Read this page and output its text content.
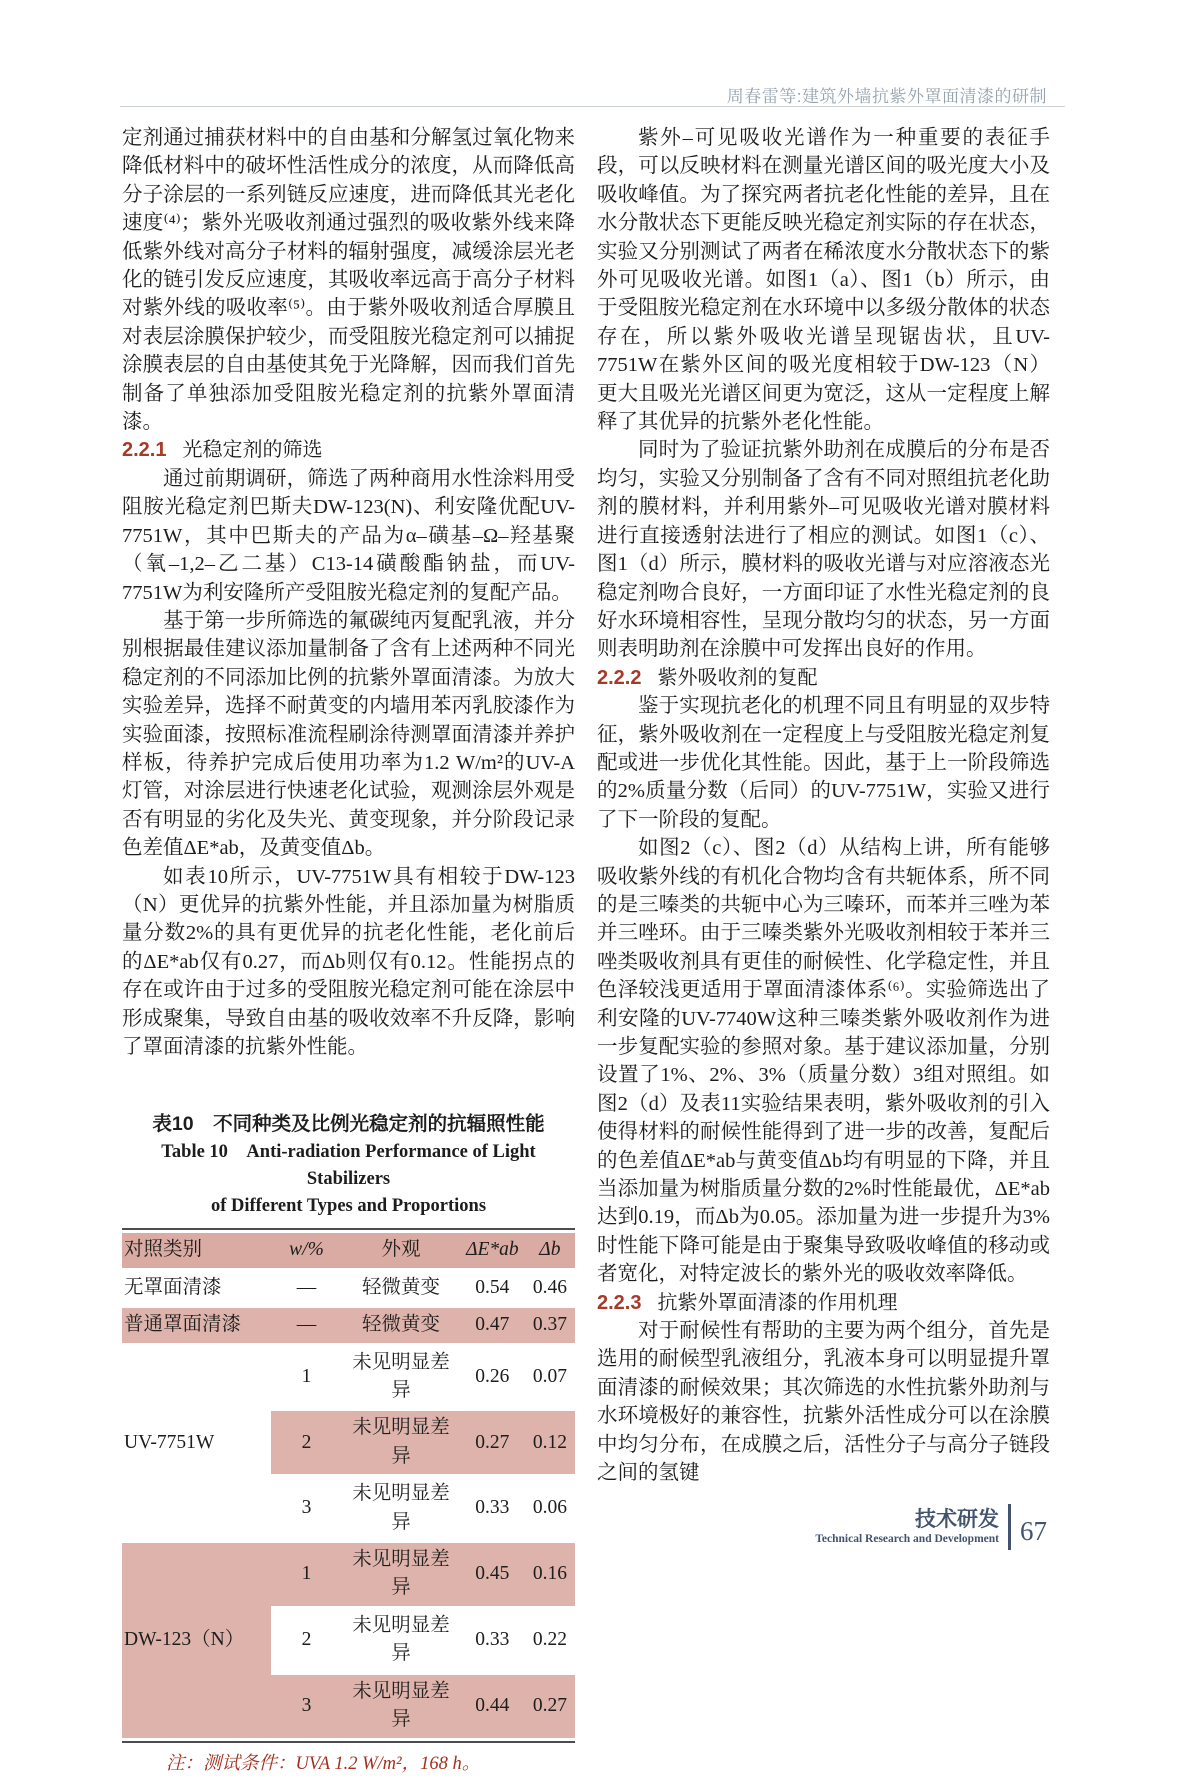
周春雷等:建筑外墙抗紫外罩面清漆的研制

定剂通过捕获材料中的自由基和分解氢过氧化物来降低材料中的破坏性活性成分的浓度，从而降低高分子涂层的一系列链反应速度，进而降低其光老化速度⁽⁴⁾；紫外光吸收剂通过强烈的吸收紫外线来降低紫外线对高分子材料的辐射强度，减缓涂层光老化的链引发反应速度，其吸收率远高于高分子材料对紫外线的吸收率⁽⁵⁾。由于紫外吸收剂适合厚膜且对表层涂膜保护较少，而受阻胺光稳定剂可以捕捉涂膜表层的自由基使其免于光降解，因而我们首先制备了单独添加受阻胺光稳定剂的抗紫外罩面清漆。

2.2.1 光稳定剂的筛选

通过前期调研，筛选了两种商用水性涂料用受阻胺光稳定剂巴斯夫DW-123(N)、利安隆优配UV-7751W，其中巴斯夫的产品为α–磺基–Ω–羟基聚（氧–1,2–乙二基）C13-14磺酸酯钠盐，而UV-7751W为利安隆所产受阻胺光稳定剂的复配产品。

基于第一步所筛选的氟碳纯丙复配乳液，并分别根据最佳建议添加量制备了含有上述两种不同光稳定剂的不同添加比例的抗紫外罩面清漆。为放大实验差异，选择不耐黄变的内墙用苯丙乳胶漆作为实验面漆，按照标准流程刷涂待测罩面清漆并养护样板，待养护完成后使用功率为1.2 W/m²的UV-A灯管，对涂层进行快速老化试验，观测涂层外观是否有明显的劣化及失光、黄变现象，并分阶段记录色差值ΔE*ab，及黄变值Δb。

如表10所示，UV-7751W具有相较于DW-123（N）更优异的抗紫外性能，并且添加量为树脂质量分数2%的具有更优异的抗老化性能，老化前后的ΔE*ab仅有0.27，而Δb则仅有0.12。性能拐点的存在或许由于过多的受阻胺光稳定剂可能在涂层中形成聚集，导致自由基的吸收效率不升反降，影响了罩面清漆的抗紫外性能。

表10　不同种类及比例光稳定剂的抗辐照性能
Table 10　Anti-radiation Performance of Light Stabilizers
of Different Types and Proportions
对照类别	w/%	外观	ΔE*ab	Δb
无罩面清漆	—	轻微黄变	0.54	0.46
普通罩面清漆	—	轻微黄变	0.47	0.37
UV-7751W	1	未见明显差异	0.26	0.07
	2	未见明显差异	0.27	0.12
	3	未见明显差异	0.33	0.06
DW-123（N）	1	未见明显差异	0.45	0.16
	2	未见明显差异	0.33	0.22
	3	未见明显差异	0.44	0.27
注：测试条件：UVA 1.2 W/m²，168 h。

紫外–可见吸收光谱作为一种重要的表征手段，可以反映材料在测量光谱区间的吸光度大小及吸收峰值。为了探究两者抗老化性能的差异，且在水分散状态下更能反映光稳定剂实际的存在状态，实验又分别测试了两者在稀浓度水分散状态下的紫外可见吸收光谱。如图1（a）、图1（b）所示，由于受阻胺光稳定剂在水环境中以多级分散体的状态存在，所以紫外吸收光谱呈现锯齿状，且UV-7751W在紫外区间的吸光度相较于DW-123（N）更大且吸光光谱区间更为宽泛，这从一定程度上解释了其优异的抗紫外老化性能。

同时为了验证抗紫外助剂在成膜后的分布是否均匀，实验又分别制备了含有不同对照组抗老化助剂的膜材料，并利用紫外–可见吸收光谱对膜材料进行直接透射法进行了相应的测试。如图1（c）、图1（d）所示，膜材料的吸收光谱与对应溶液态光稳定剂吻合良好，一方面印证了水性光稳定剂的良好水环境相容性，呈现分散均匀的状态，另一方面则表明助剂在涂膜中可发挥出良好的作用。

2.2.2 紫外吸收剂的复配

鉴于实现抗老化的机理不同且有明显的双步特征，紫外吸收剂在一定程度上与受阻胺光稳定剂复配或进一步优化其性能。因此，基于上一阶段筛选的2%质量分数（后同）的UV-7751W，实验又进行了下一阶段的复配。

如图2（c）、图2（d）从结构上讲，所有能够吸收紫外线的有机化合物均含有共轭体系，所不同的是三嗪类的共轭中心为三嗪环，而苯并三唑为苯并三唑环。由于三嗪类紫外光吸收剂相较于苯并三唑类吸收剂具有更佳的耐候性、化学稳定性，并且色泽较浅更适用于罩面清漆体系⁽⁶⁾。实验筛选出了利安隆的UV-7740W这种三嗪类紫外吸收剂作为进一步复配实验的参照对象。基于建议添加量，分别设置了1%、2%、3%（质量分数）3组对照组。如图2（d）及表11实验结果表明，紫外吸收剂的引入使得材料的耐候性能得到了进一步的改善，复配后的色差值ΔE*ab与黄变值Δb均有明显的下降，并且当添加量为树脂质量分数的2%时性能最优，ΔE*ab达到0.19，而Δb为0.05。添加量为进一步提升为3%时性能下降可能是由于聚集导致吸收峰值的移动或者宽化，对特定波长的紫外光的吸收效率降低。

2.2.3 抗紫外罩面清漆的作用机理

对于耐候性有帮助的主要为两个组分，首先是选用的耐候型乳液组分，乳液本身可以明显提升罩面清漆的耐候效果；其次筛选的水性抗紫外助剂与水环境极好的兼容性，抗紫外活性成分可以在涂膜中均匀分布，在成膜之后，活性分子与高分子链段之间的氢键

技术研发
Technical Research and Development 67
